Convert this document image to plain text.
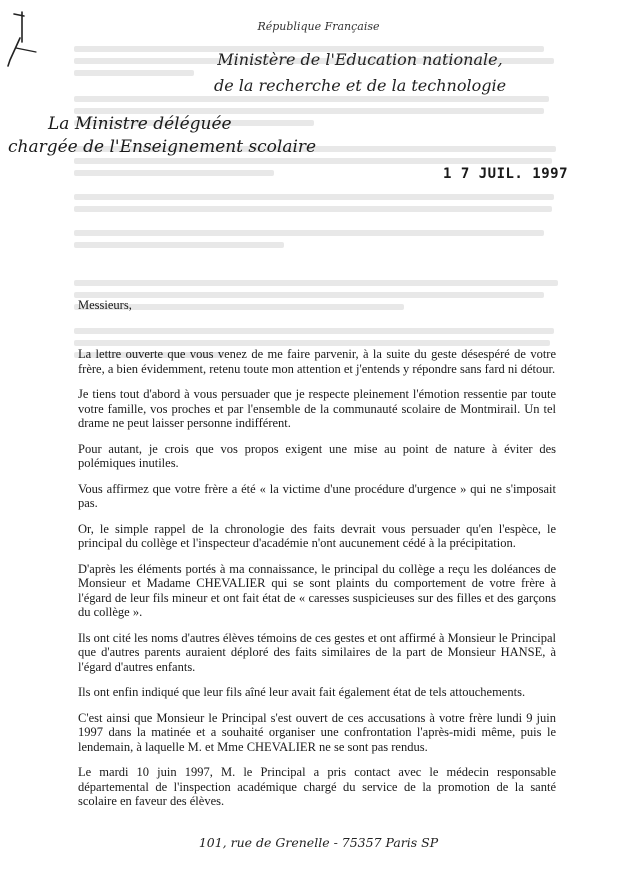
République Française
Ministère de l'Education nationale,
de la recherche et de la technologie
La Ministre déléguée
chargée de l'Enseignement scolaire
1 7 JUIL. 1997
Messieurs,

La lettre ouverte que vous venez de me faire parvenir, à la suite du geste désespéré de votre frère, a bien évidemment, retenu toute mon attention et j'entends y répondre sans fard ni détour.

Je tiens tout d'abord à vous persuader que je respecte pleinement l'émotion ressentie par toute votre famille, vos proches et par l'ensemble de la communauté scolaire de Montmirail. Un tel drame ne peut laisser personne indifférent.

Pour autant, je crois que vos propos exigent une mise au point de nature à éviter des polémiques inutiles.

Vous affirmez que votre frère a été « la victime d'une procédure d'urgence » qui ne s'imposait pas.

Or, le simple rappel de la chronologie des faits devrait vous persuader qu'en l'espèce, le principal du collège et l'inspecteur d'académie n'ont aucunement cédé à la précipitation.

D'après les éléments portés à ma connaissance, le principal du collège a reçu les doléances de Monsieur et Madame CHEVALIER qui se sont plaints du comportement de votre frère à l'égard de leur fils mineur et ont fait état de « caresses suspicieuses sur des filles et des garçons du collège ».

Ils ont cité les noms d'autres élèves témoins de ces gestes et ont affirmé à Monsieur le Principal que d'autres parents auraient déploré des faits similaires de la part de Monsieur HANSE, à l'égard d'autres enfants.

Ils ont enfin indiqué que leur fils aîné leur avait fait également état de tels attouchements.

C'est ainsi que Monsieur le Principal s'est ouvert de ces accusations à votre frère lundi 9 juin 1997 dans la matinée et a souhaité organiser une confrontation l'après-midi même, puis le lendemain, à laquelle M. et Mme CHEVALIER ne se sont pas rendus.

Le mardi 10 juin 1997, M. le Principal a pris contact avec le médecin responsable départemental de l'inspection académique chargé du service de la promotion de la santé scolaire en faveur des élèves.

101, rue de Grenelle - 75357 Paris SP
